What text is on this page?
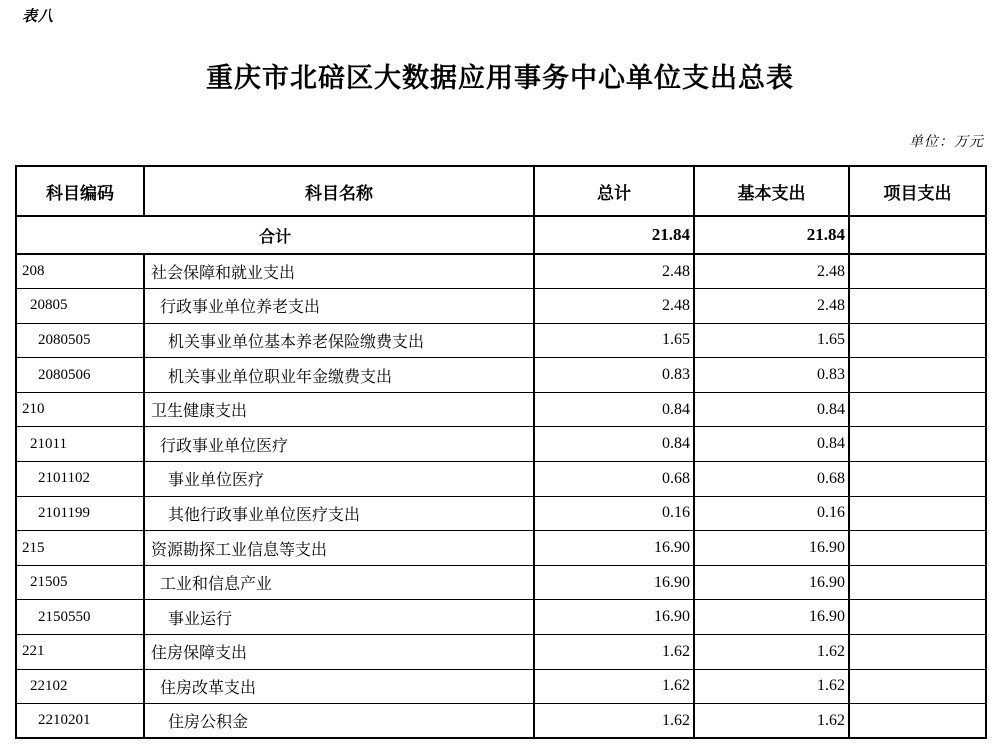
表八
重庆市北碚区大数据应用事务中心单位支出总表
单位：万元
科目编码	科目名称	总计	基本支出	项目支出
合计		21.84	21.84	
208	社会保障和就业支出	2.48	2.48	
20805	行政事业单位养老支出	2.48	2.48	
2080505	机关事业单位基本养老保险缴费支出	1.65	1.65	
2080506	机关事业单位职业年金缴费支出	0.83	0.83	
210	卫生健康支出	0.84	0.84	
21011	行政事业单位医疗	0.84	0.84	
2101102	事业单位医疗	0.68	0.68	
2101199	其他行政事业单位医疗支出	0.16	0.16	
215	资源勘探工业信息等支出	16.90	16.90	
21505	工业和信息产业	16.90	16.90	
2150550	事业运行	16.90	16.90	
221	住房保障支出	1.62	1.62	
22102	住房改革支出	1.62	1.62	
2210201	住房公积金	1.62	1.62	
